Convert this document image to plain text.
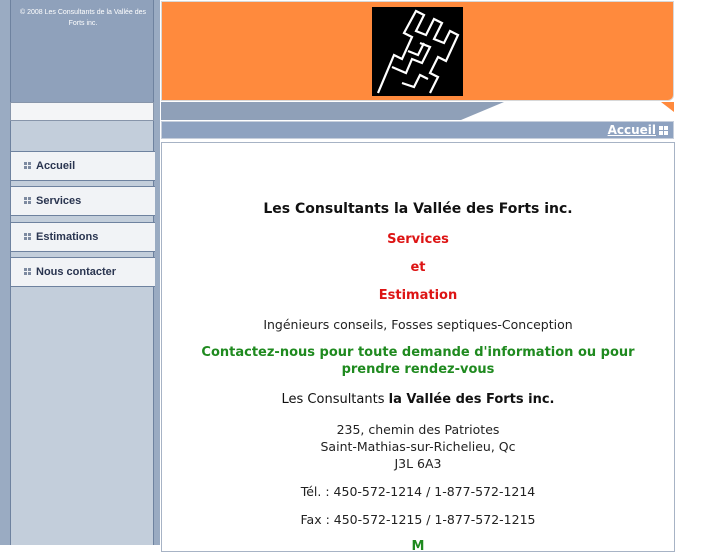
© 2008 Les Consultants de la Vallée des Forts inc.
Accueil
Services
Estimations
Nous contacter
Accueil
Les Consultants la Vallée des Forts inc.
Services
et
Estimation
Ingénieurs conseils, Fosses septiques-Conception
Contactez-nous pour toute demande d'information ou pour prendre rendez-vous
Les Consultants la Vallée des Forts inc.
235, chemin des Patriotes
Saint-Mathias-sur-Richelieu, Qc
J3L 6A3
Tél. : 450-572-1214 / 1-877-572-1214
Fax : 450-572-1215 / 1-877-572-1215
M
